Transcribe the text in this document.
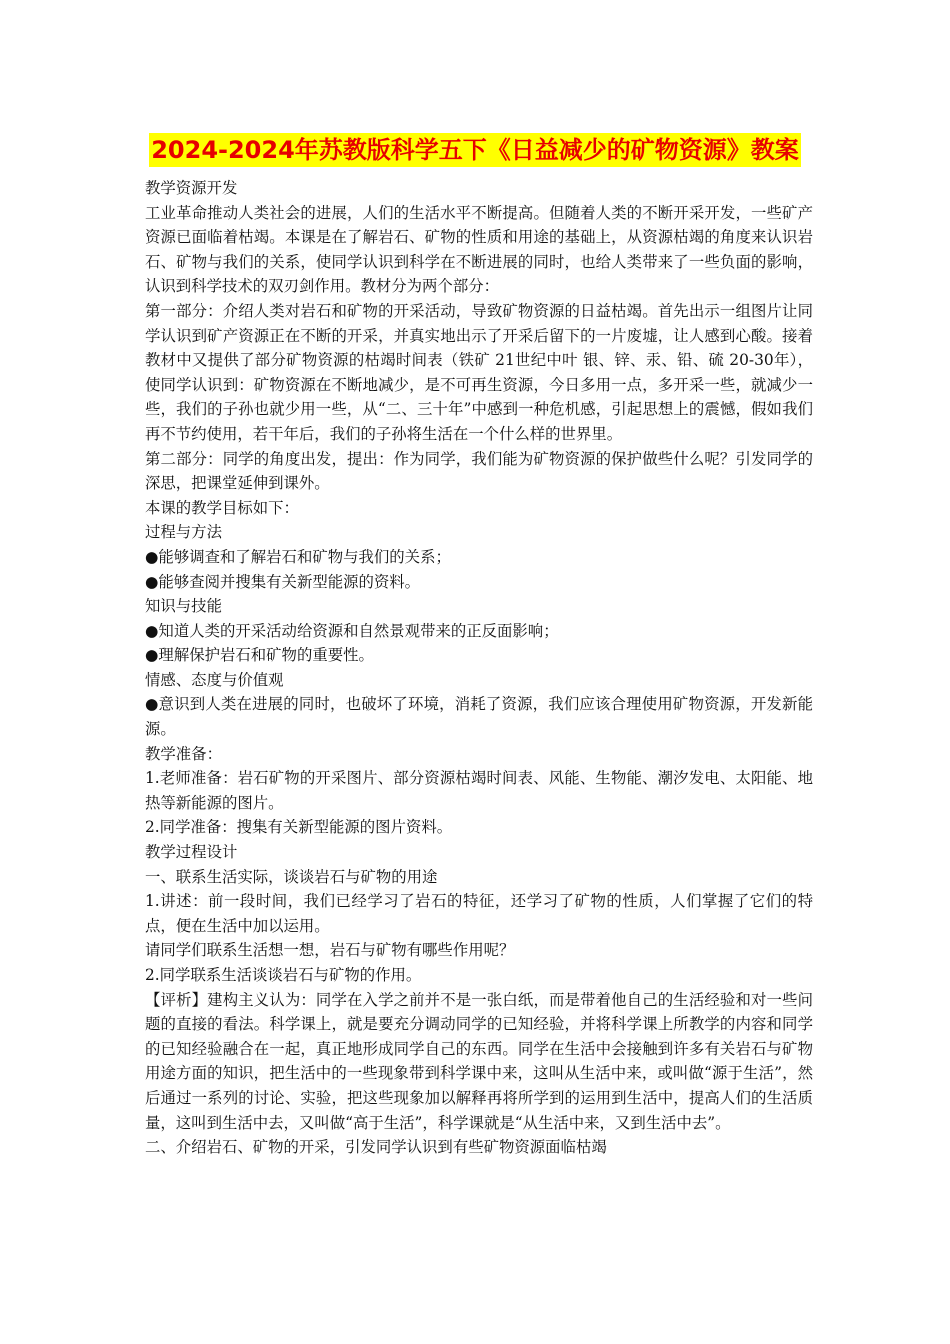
2024-2024年苏教版科学五下《日益减少的矿物资源》教案

教学资源开发

工业革命推动人类社会的进展，人们的生活水平不断提高。但随着人类的不断开采开发，一些矿产资源已面临着枯竭。本课是在了解岩石、矿物的性质和用途的基础上，从资源枯竭的角度来认识岩石、矿物与我们的关系，使同学认识到科学在不断进展的同时，也给人类带来了一些负面的影响，认识到科学技术的双刃剑作用。教材分为两个部分：

第一部分：介绍人类对岩石和矿物的开采活动，导致矿物资源的日益枯竭。首先出示一组图片让同学认识到矿产资源正在不断的开采，并真实地出示了开采后留下的一片废墟，让人感到心酸。接着教材中又提供了部分矿物资源的枯竭时间表（铁矿 21世纪中叶 银、锌、汞、铅、硫 20-30年），使同学认识到：矿物资源在不断地减少，是不可再生资源，今日多用一点，多开采一些，就减少一些，我们的子孙也就少用一些，从“二、三十年”中感到一种危机感，引起思想上的震憾，假如我们再不节约使用，若干年后，我们的子孙将生活在一个什么样的世界里。

第二部分：同学的角度出发，提出：作为同学，我们能为矿物资源的保护做些什么呢？引发同学的深思，把课堂延伸到课外。

本课的教学目标如下：

过程与方法

●能够调查和了解岩石和矿物与我们的关系；

●能够查阅并搜集有关新型能源的资料。

知识与技能

●知道人类的开采活动给资源和自然景观带来的正反面影响；

●理解保护岩石和矿物的重要性。

情感、态度与价值观

●意识到人类在进展的同时，也破坏了环境，消耗了资源，我们应该合理使用矿物资源，开发新能源。

教学准备：

1.老师准备：岩石矿物的开采图片、部分资源枯竭时间表、风能、生物能、潮汐发电、太阳能、地热等新能源的图片。

2.同学准备：搜集有关新型能源的图片资料。

教学过程设计

一、联系生活实际，谈谈岩石与矿物的用途

1.讲述：前一段时间，我们已经学习了岩石的特征，还学习了矿物的性质，人们掌握了它们的特点，便在生活中加以运用。

请同学们联系生活想一想，岩石与矿物有哪些作用呢？

2.同学联系生活谈谈岩石与矿物的作用。

【评析】建构主义认为：同学在入学之前并不是一张白纸，而是带着他自己的生活经验和对一些问题的直接的看法。科学课上，就是要充分调动同学的已知经验，并将科学课上所教学的内容和同学的已知经验融合在一起，真正地形成同学自己的东西。同学在生活中会接触到许多有关岩石与矿物用途方面的知识，把生活中的一些现象带到科学课中来，这叫从生活中来，或叫做“源于生活”，然后通过一系列的讨论、实验，把这些现象加以解释再将所学到的运用到生活中，提高人们的生活质量，这叫到生活中去，又叫做“高于生活”，科学课就是“从生活中来，又到生活中去”。

二、介绍岩石、矿物的开采，引发同学认识到有些矿物资源面临枯竭
